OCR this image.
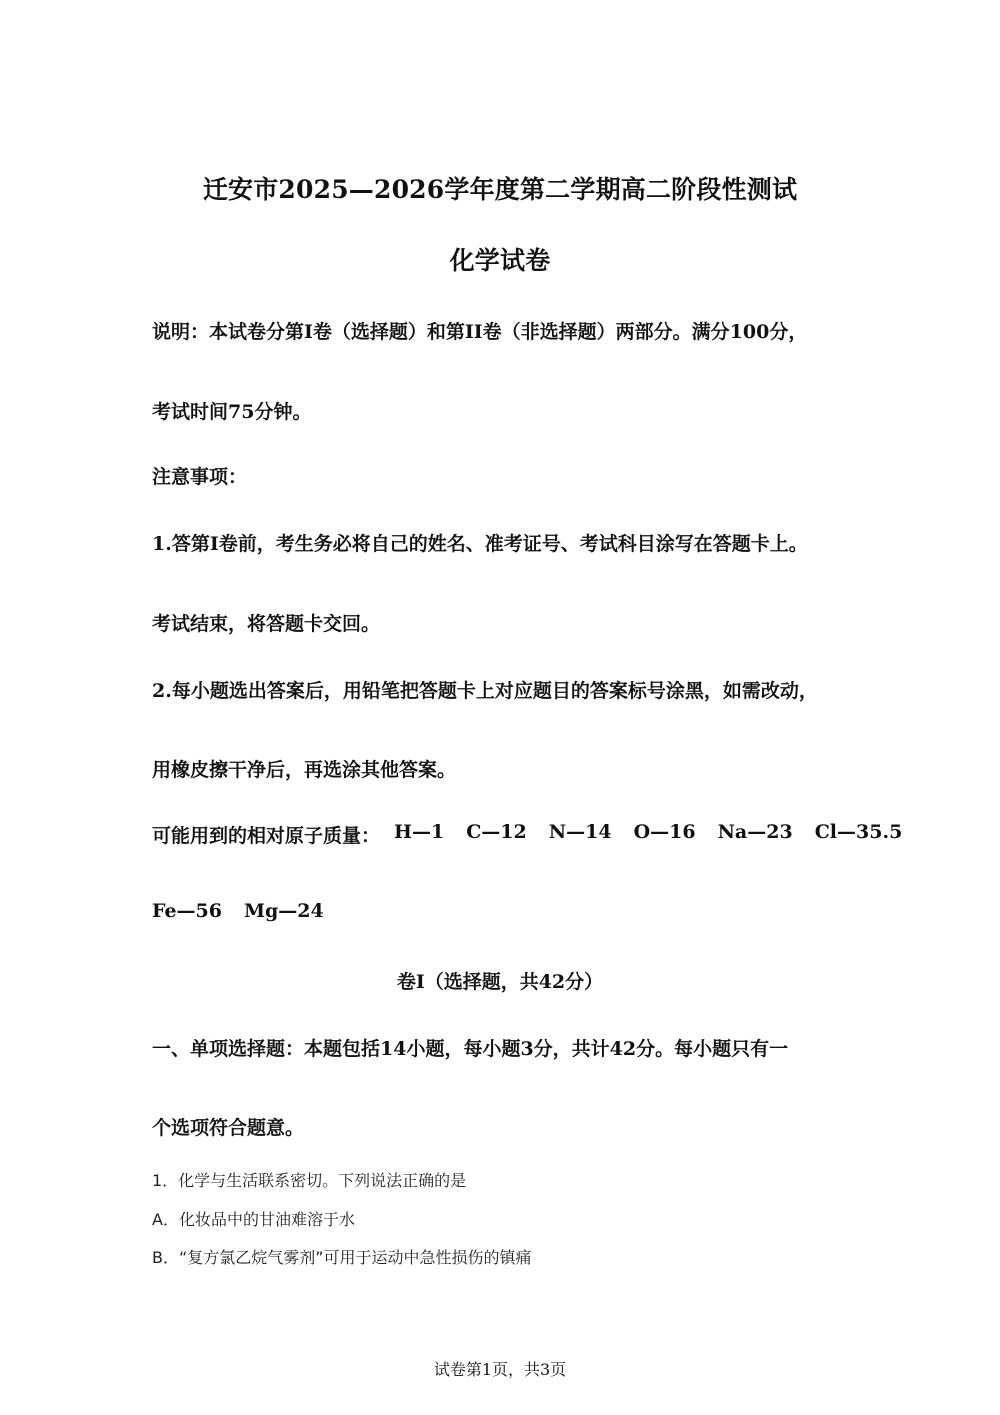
迁安市2025—2026学年度第二学期高二阶段性测试
化学试卷
说明：本试卷分第I卷（选择题）和第II卷（非选择题）两部分。满分100分，
考试时间75分钟。
注意事项：
1.答第I卷前，考生务必将自己的姓名、准考证号、考试科目涂写在答题卡上。
考试结束，将答题卡交回。
2.每小题选出答案后，用铅笔把答题卡上对应题目的答案标号涂黑，如需改动，
用橡皮擦干净后，再选涂其他答案。
可能用到的相对原子质量： H—1 C—12 N—14 O—16 Na—23 Cl—35.5
Fe—56 Mg—24
卷I（选择题，共42分）
一、单项选择题：本题包括14小题，每小题3分，共计42分。每小题只有一
个选项符合题意。
1．化学与生活联系密切。下列说法正确的是
A．化妆品中的甘油难溶于水
B．“复方氯乙烷气雾剂”可用于运动中急性损伤的镇痛
试卷第1页，共3页
